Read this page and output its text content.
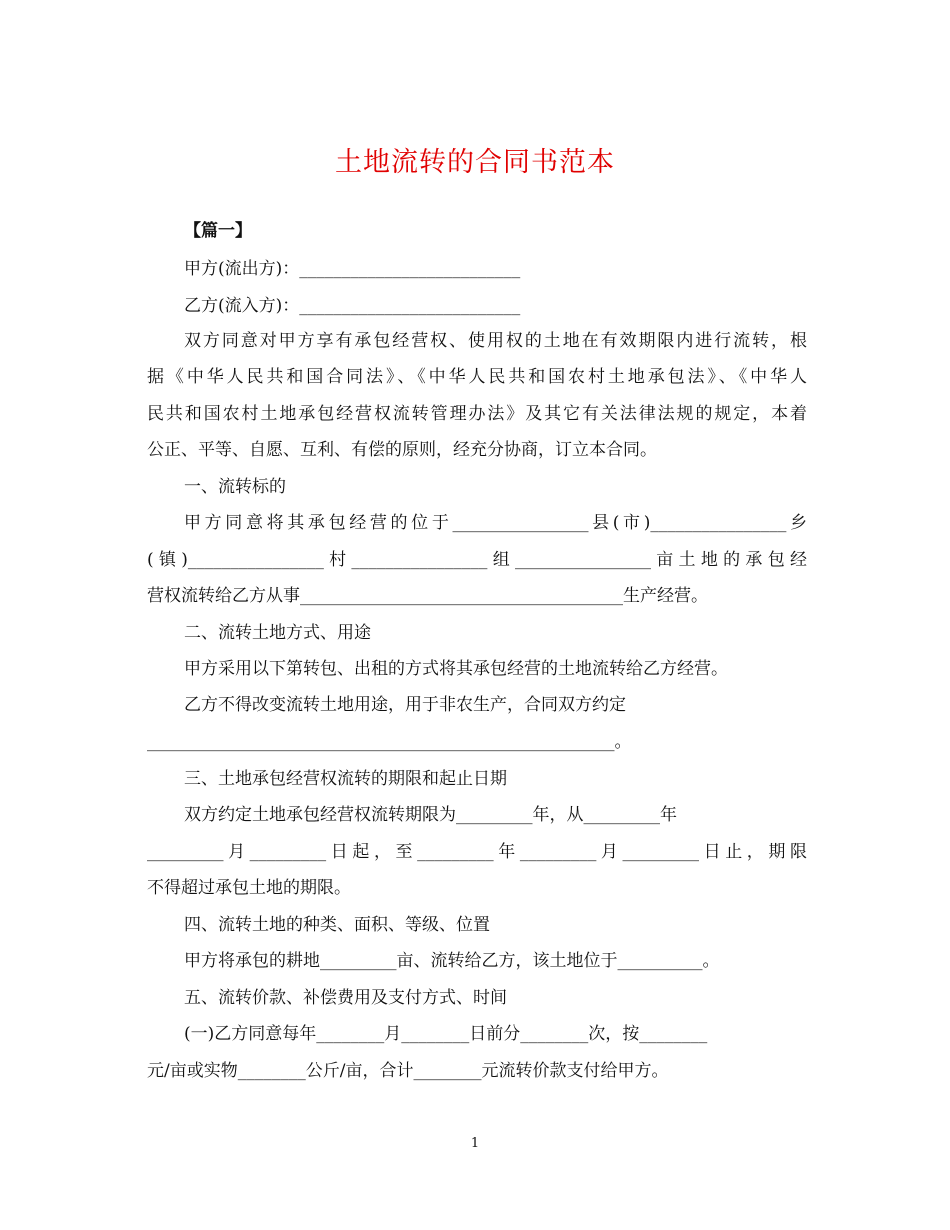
土地流转的合同书范本
【篇一】
甲方(流出方)：__________________________
乙方(流入方)：__________________________
双方同意对甲方享有承包经营权、使用权的土地在有效期限内进行流转，根
据《中华人民共和国合同法》、《中华人民共和国农村土地承包法》、《中华人
民共和国农村土地承包经营权流转管理办法》及其它有关法律法规的规定，本着
公正、平等、自愿、互利、有偿的原则，经充分协商，订立本合同。
一、流转标的
甲方同意将其承包经营的位于________________县(市)________________乡
(镇)________________村________________组________________亩土地的承包经
营权流转给乙方从事______________________________________生产经营。
二、流转土地方式、用途
甲方采用以下第转包、出租的方式将其承包经营的土地流转给乙方经营。
乙方不得改变流转土地用途，用于非农生产，合同双方约定
_______________________________________________________。
三、土地承包经营权流转的期限和起止日期
双方约定土地承包经营权流转期限为_________年，从_________年
_________月_________日起，至_________年_________月_________日止，期限
不得超过承包土地的期限。
四、流转土地的种类、面积、等级、位置
甲方将承包的耕地_________亩、流转给乙方，该土地位于__________。
五、流转价款、补偿费用及支付方式、时间
(一)乙方同意每年________月________日前分________次，按________
元/亩或实物________公斤/亩，合计________元流转价款支付给甲方。
1
